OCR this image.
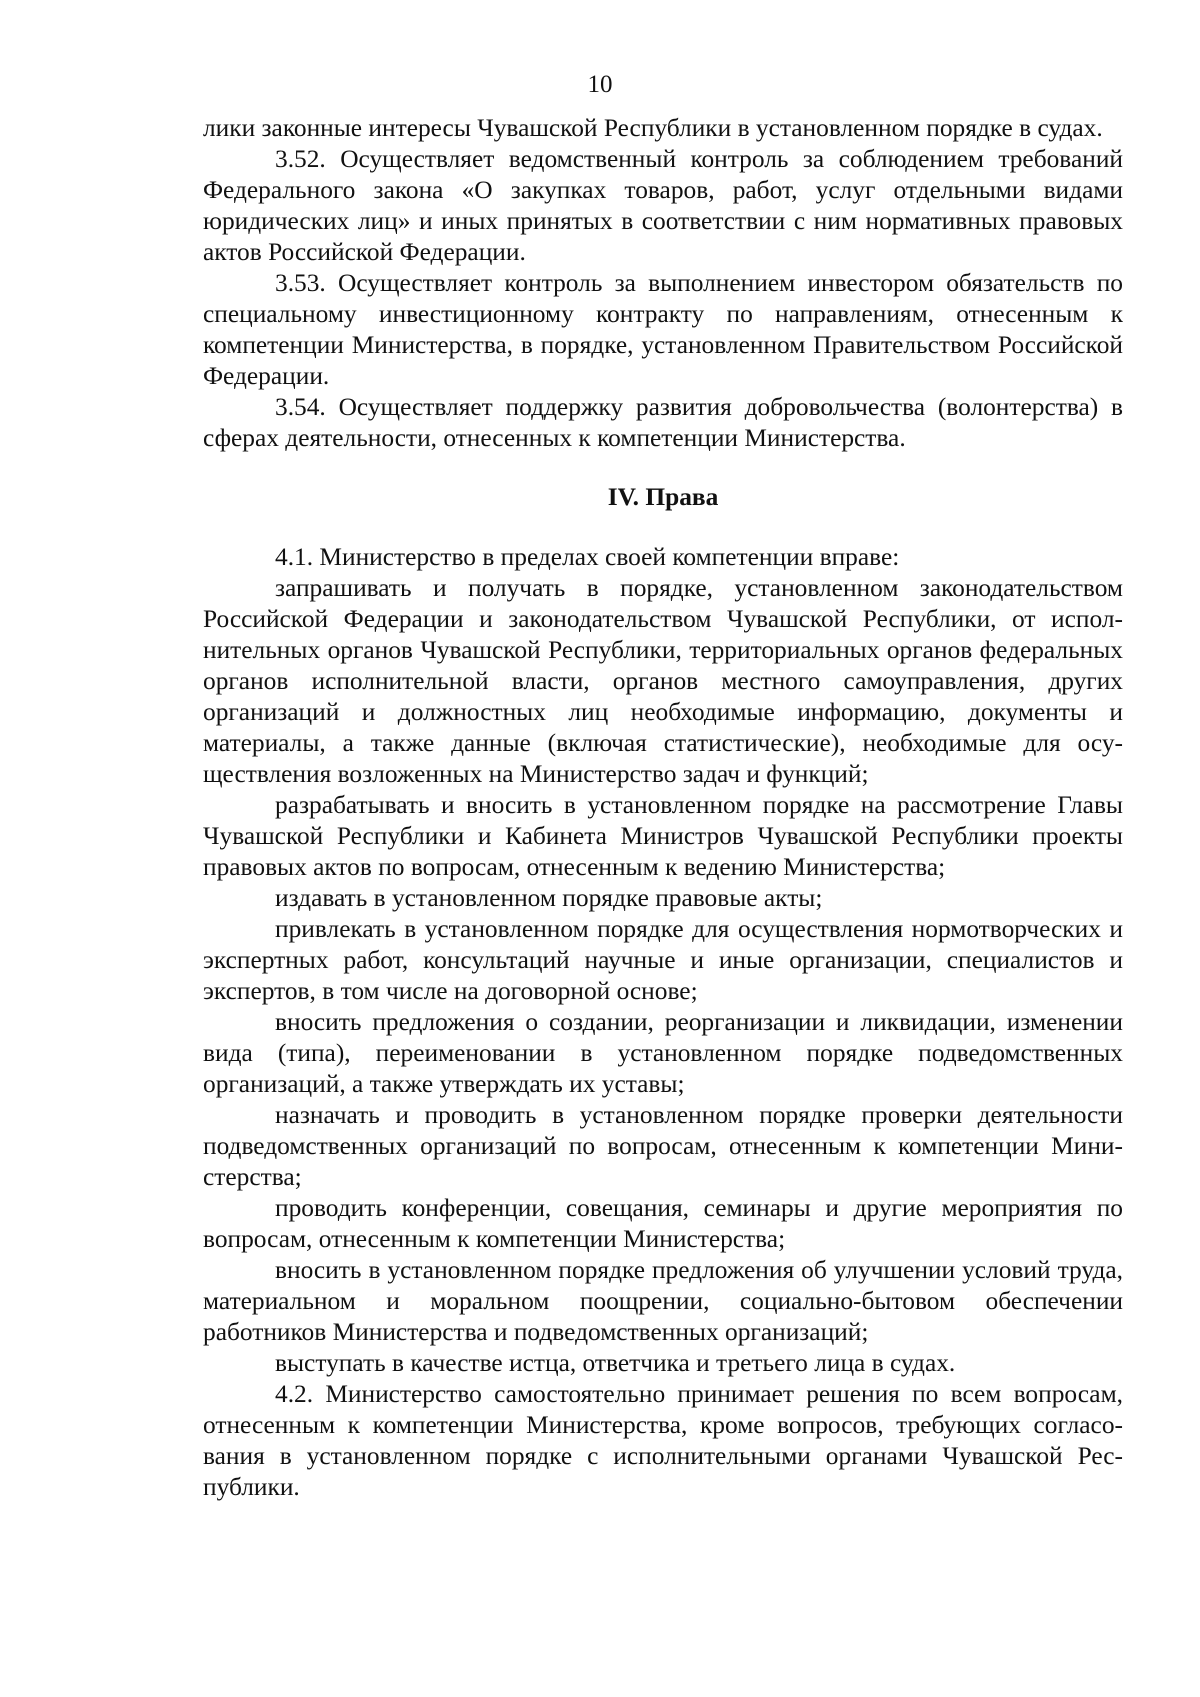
10

лики законные интересы Чувашской Республики в установленном порядке в судах.

3.52. Осуществляет ведомственный контроль за соблюдением требований Федерального закона «О закупках товаров, работ, услуг отдельными видами юридических лиц» и иных принятых в соответствии с ним нормативных правовых актов Российской Федерации.

3.53. Осуществляет контроль за выполнением инвестором обязательств по специальному инвестиционному контракту по направлениям, отнесенным к компетенции Министерства, в порядке, установленном Правительством Российской Федерации.

3.54. Осуществляет поддержку развития добровольчества (волонтерства) в сферах деятельности, отнесенных к компетенции Министерства.

IV. Права

4.1. Министерство в пределах своей компетенции вправе:

запрашивать и получать в порядке, установленном законодательством Российской Федерации и законодательством Чувашской Республики, от исполнительных органов Чувашской Республики, территориальных органов федеральных органов исполнительной власти, органов местного самоуправления, других организаций и должностных лиц необходимые информацию, документы и материалы, а также данные (включая статистические), необходимые для осуществления возложенных на Министерство задач и функций;

разрабатывать и вносить в установленном порядке на рассмотрение Главы Чувашской Республики и Кабинета Министров Чувашской Республики проекты правовых актов по вопросам, отнесенным к ведению Министерства;

издавать в установленном порядке правовые акты;

привлекать в установленном порядке для осуществления нормотворческих и экспертных работ, консультаций научные и иные организации, специалистов и экспертов, в том числе на договорной основе;

вносить предложения о создании, реорганизации и ликвидации, изменении вида (типа), переименовании в установленном порядке подведомственных организаций, а также утверждать их уставы;

назначать и проводить в установленном порядке проверки деятельности подведомственных организаций по вопросам, отнесенным к компетенции Министерства;

проводить конференции, совещания, семинары и другие мероприятия по вопросам, отнесенным к компетенции Министерства;

вносить в установленном порядке предложения об улучшении условий труда, материальном и моральном поощрении, социально-бытовом обеспечении работников Министерства и подведомственных организаций;

выступать в качестве истца, ответчика и третьего лица в судах.

4.2. Министерство самостоятельно принимает решения по всем вопросам, отнесенным к компетенции Министерства, кроме вопросов, требующих согласования в установленном порядке с исполнительными органами Чувашской Республики.
